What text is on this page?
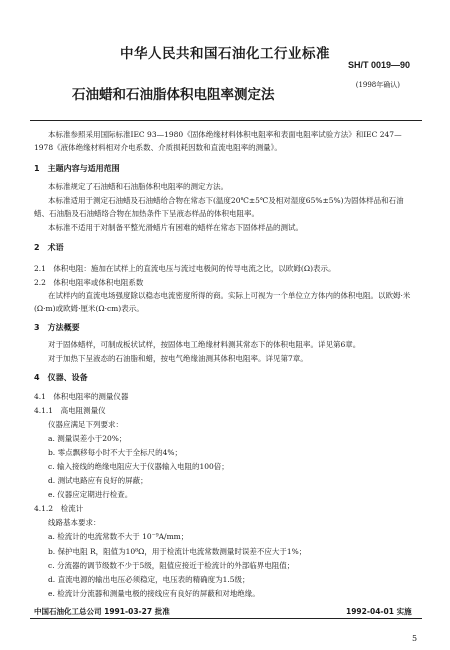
中华人民共和国石油化工行业标准
SH/T 0019—90
石油蜡和石油脂体积电阻率测定法
(1998年确认)
本标准参照采用国际标准IEC 93—1980《固体绝缘材料体积电阻率和表面电阻率试验方法》和IEC 247—1978《液体绝缘材料相对介电系数、介质损耗因数和直流电阻率的测量》。
1　主题内容与适用范围
本标准规定了石油蜡和石油脂体积电阻率的测定方法。
本标准适用于测定石油蜡及石油蜡给合物在常态下(温度20℃±5℃及相对湿度65%±5%)为固体样品和石油蜡、石油脂及石油蜡络合物在加热条件下呈液态样品的体积电阻率。
本标准不适用于对制备平整光滑蜡片有困难的蜡样在常态下固体样品的测试。
2　术语
2.1　体积电阻：施加在试样上的直流电压与流过电极间的传导电流之比，以欧姆(Ω)表示。
2.2　体积电阻率或体积电阻系数
在试样内的直流电场强度除以稳态电流密度所得的商。实际上可视为一个单位立方体内的体积电阻。以欧姆·米(Ω·m)或欧姆·厘米(Ω·cm)表示。
3　方法概要
对于固体蜡样，可制成板状试样，按固体电工绝缘材料测其常态下的体积电阻率。详见第6章。
对于加热下呈液态的石油脂和蜡，按电气绝缘油测其体积电阻率。详见第7章。
4　仪器、设备
4.1　体积电阻率的测量仪器
4.1.1　高电阻测量仪
仪器应满足下列要求：
a. 测量误差小于20%；
b. 零点飘移每小时不大于全标尺的4%；
c. 输入接线的绝缘电阻应大于仪器输入电阻的100倍；
d. 测试电路应有良好的屏蔽；
e. 仪器应定期进行检查。
4.1.2　检流计
线路基本要求：
a. 检流计的电流常数不大于 10⁻⁹A/mm；
b. 保护电阻 R，阻值为10⁸Ω，用于检流计电流常数测量时误差不应大于1%；
c. 分流器的调节级数不少于5级，阻值应接近于检流计的外部临界电阻值；
d. 直流电源的输出电压必须稳定，电压表的精确度为1.5级；
e. 检流计分流器和测量电极的接线应有良好的屏蔽和对地绝缘。
中国石油化工总公司 1991-03-27 批准	1992-04-01 实施
5
